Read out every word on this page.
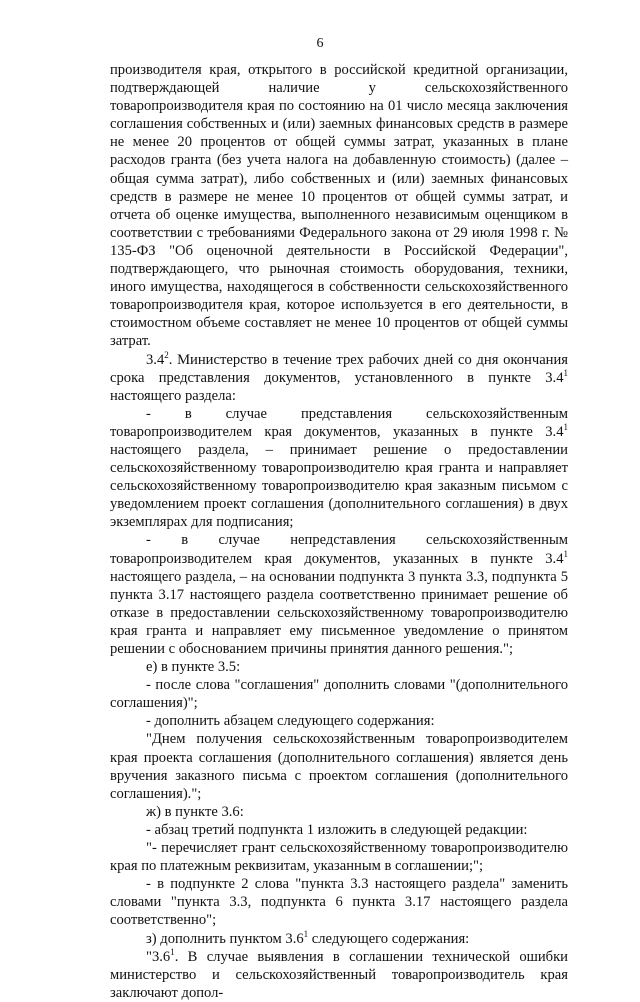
6

производителя края, открытого в российской кредитной организации, подтверждающей наличие у сельскохозяйственного товаропроизводителя края по состоянию на 01 число месяца заключения соглашения собственных и (или) заемных финансовых средств в размере не менее 20 процентов от общей суммы затрат, указанных в плане расходов гранта (без учета налога на добавленную стоимость) (далее – общая сумма затрат), либо собственных и (или) заемных финансовых средств в размере не менее 10 процентов от общей суммы затрат, и отчета об оценке имущества, выполненного независимым оценщиком в соответствии с требованиями Федерального закона от 29 июля 1998 г. № 135-ФЗ "Об оценочной деятельности в Российской Федерации", подтверждающего, что рыночная стоимость оборудования, техники, иного имущества, находящегося в собственности сельскохозяйственного товаропроизводителя края, которое используется в его деятельности, в стоимостном объеме составляет не менее 10 процентов от общей суммы затрат.

$3.4^2$. Министерство в течение трех рабочих дней со дня окончания срока представления документов, установленного в пункте $3.4^1$ настоящего раздела:

- в случае представления сельскохозяйственным товаропроизводителем края документов, указанных в пункте $3.4^1$ настоящего раздела, – принимает решение о предоставлении сельскохозяйственному товаропроизводителю края гранта и направляет сельскохозяйственному товаропроизводителю края заказным письмом с уведомлением проект соглашения (дополнительного соглашения) в двух экземплярах для подписания;

- в случае непредставления сельскохозяйственным товаропроизводителем края документов, указанных в пункте $3.4^1$ настоящего раздела, – на основании подпункта 3 пункта 3.3, подпункта 5 пункта 3.17 настоящего раздела соответственно принимает решение об отказе в предоставлении сельскохозяйственному товаропроизводителю края гранта и направляет ему письменное уведомление о принятом решении с обоснованием причины принятия данного решения.";

е) в пункте 3.5:

- после слова "соглашения" дополнить словами "(дополнительного соглашения)";

- дополнить абзацем следующего содержания:

"Днем получения сельскохозяйственным товаропроизводителем края проекта соглашения (дополнительного соглашения) является день вручения заказного письма с проектом соглашения (дополнительного соглашения).";

ж) в пункте 3.6:

- абзац третий подпункта 1 изложить в следующей редакции:

"- перечисляет грант сельскохозяйственному товаропроизводителю края по платежным реквизитам, указанным в соглашении;";

- в подпункте 2 слова "пункта 3.3 настоящего раздела" заменить словами "пункта 3.3, подпункта 6 пункта 3.17 настоящего раздела соответственно";

з) дополнить пунктом $3.6^1$ следующего содержания:

"$3.6^1$. В случае выявления в соглашении технической ошибки министерство и сельскохозяйственный товаропроизводитель края заключают допол-
